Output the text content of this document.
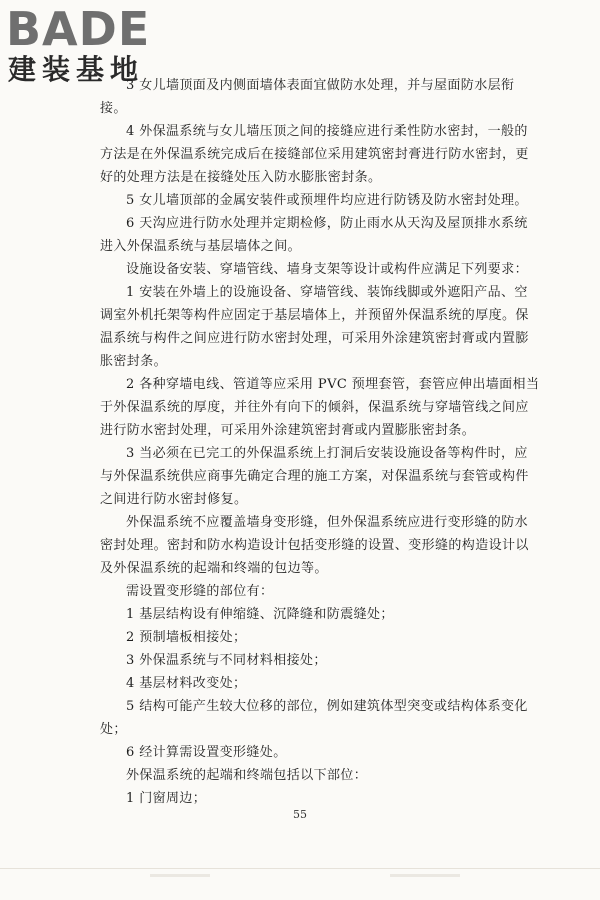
BADE
建装基地

3 女儿墙顶面及内侧面墙体表面宜做防水处理，并与屋面防水层衔接。

4 外保温系统与女儿墙压顶之间的接缝应进行柔性防水密封，一般的方法是在外保温系统完成后在接缝部位采用建筑密封膏进行防水密封，更好的处理方法是在接缝处压入防水膨胀密封条。

5 女儿墙顶部的金属安装件或预埋件均应进行防锈及防水密封处理。

6 天沟应进行防水处理并定期检修，防止雨水从天沟及屋顶排水系统进入外保温系统与基层墙体之间。

设施设备安装、穿墙管线、墙身支架等设计或构件应满足下列要求：

1 安装在外墙上的设施设备、穿墙管线、装饰线脚或外遮阳产品、空调室外机托架等构件应固定于基层墙体上，并预留外保温系统的厚度。保温系统与构件之间应进行防水密封处理，可采用外涂建筑密封膏或内置膨胀密封条。

2 各种穿墙电线、管道等应采用 PVC 预埋套管，套管应伸出墙面相当于外保温系统的厚度，并往外有向下的倾斜，保温系统与穿墙管线之间应进行防水密封处理，可采用外涂建筑密封膏或内置膨胀密封条。

3 当必须在已完工的外保温系统上打洞后安装设施设备等构件时，应与外保温系统供应商事先确定合理的施工方案，对保温系统与套管或构件之间进行防水密封修复。

外保温系统不应覆盖墙身变形缝，但外保温系统应进行变形缝的防水密封处理。密封和防水构造设计包括变形缝的设置、变形缝的构造设计以及外保温系统的起端和终端的包边等。

需设置变形缝的部位有：

1 基层结构设有伸缩缝、沉降缝和防震缝处；

2 预制墙板相接处；

3 外保温系统与不同材料相接处；

4 基层材料改变处；

5 结构可能产生较大位移的部位，例如建筑体型突变或结构体系变化处；

6 经计算需设置变形缝处。

外保温系统的起端和终端包括以下部位：

1 门窗周边；

55
